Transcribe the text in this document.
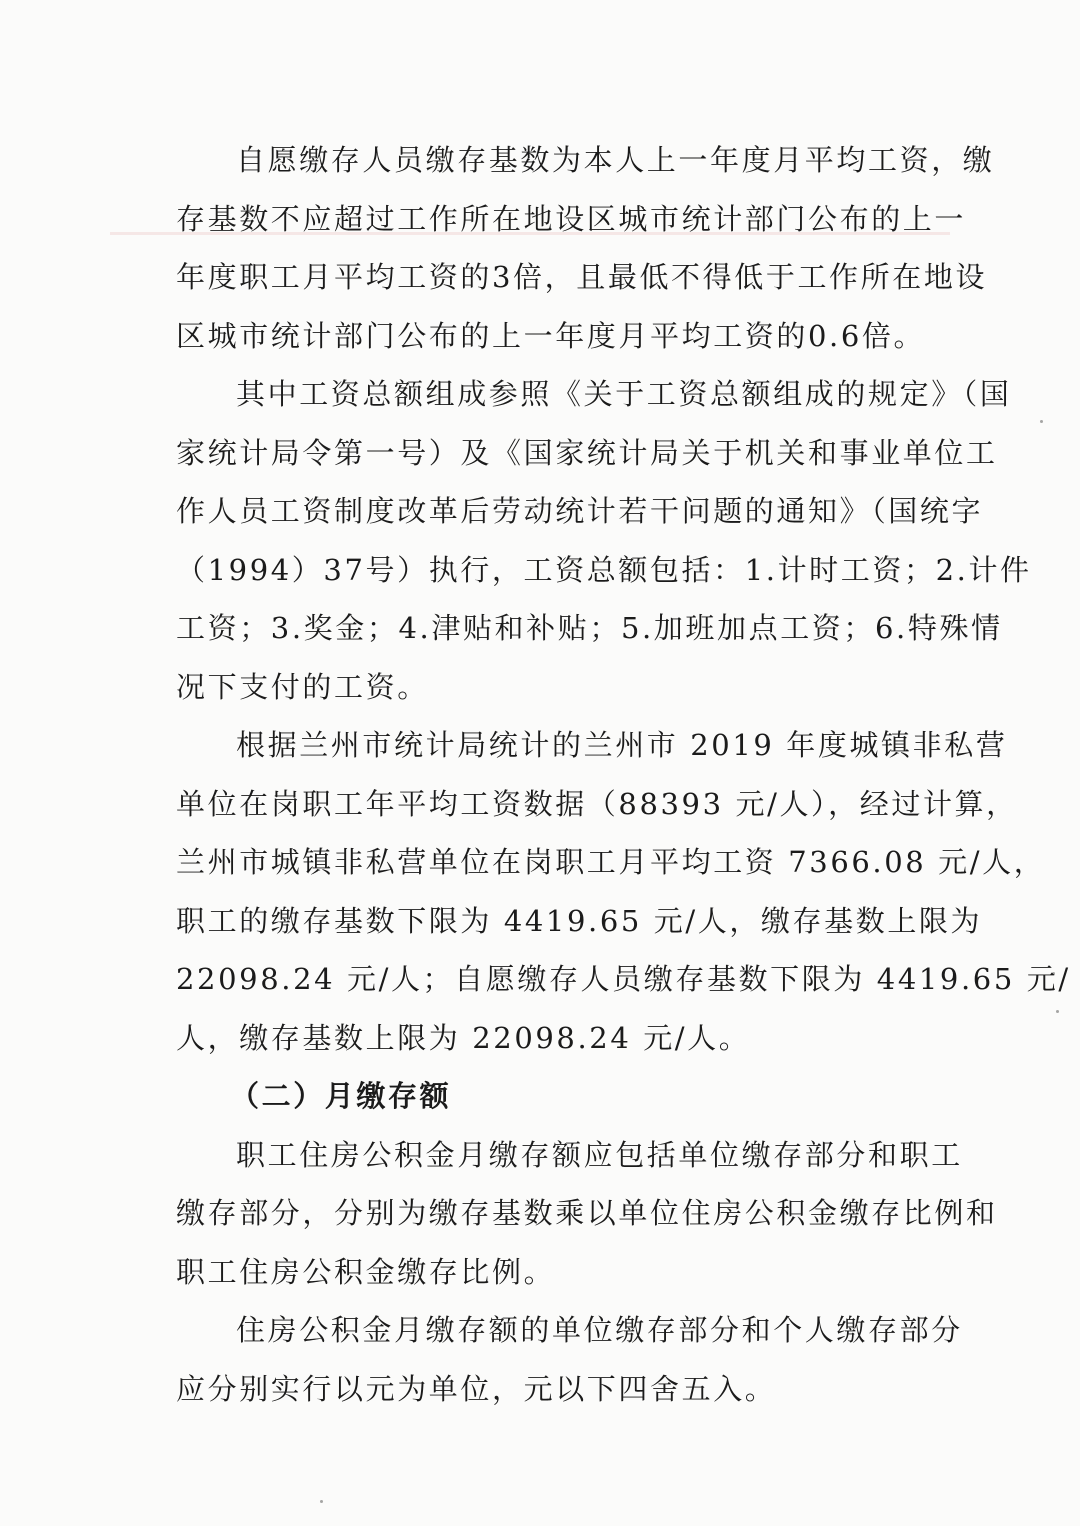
自愿缴存人员缴存基数为本人上一年度月平均工资，缴
存基数不应超过工作所在地设区城市统计部门公布的上一
年度职工月平均工资的3倍，且最低不得低于工作所在地设
区城市统计部门公布的上一年度月平均工资的0.6倍。
其中工资总额组成参照《关于工资总额组成的规定》（国
家统计局令第一号）及《国家统计局关于机关和事业单位工
作人员工资制度改革后劳动统计若干问题的通知》（国统字
（1994）37号）执行，工资总额包括：1.计时工资；2.计件
工资；3.奖金；4.津贴和补贴；5.加班加点工资；6.特殊情
况下支付的工资。
根据兰州市统计局统计的兰州市 2019 年度城镇非私营
单位在岗职工年平均工资数据（88393 元/人），经过计算，
兰州市城镇非私营单位在岗职工月平均工资 7366.08 元/人，
职工的缴存基数下限为 4419.65 元/人，缴存基数上限为
22098.24 元/人；自愿缴存人员缴存基数下限为 4419.65 元/
人，缴存基数上限为 22098.24 元/人。
（二）月缴存额
职工住房公积金月缴存额应包括单位缴存部分和职工
缴存部分，分别为缴存基数乘以单位住房公积金缴存比例和
职工住房公积金缴存比例。
住房公积金月缴存额的单位缴存部分和个人缴存部分
应分别实行以元为单位，元以下四舍五入。
